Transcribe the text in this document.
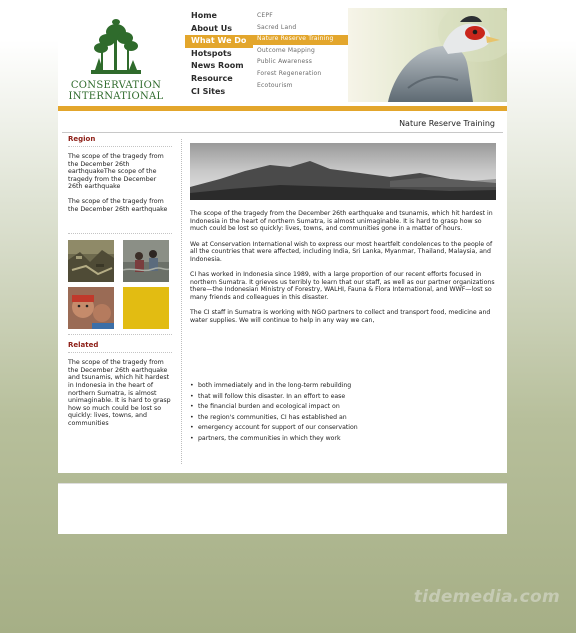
CONSERVATION
INTERNATIONAL
Home
About Us
What We Do
Hotspots
News Room
Resource
CI Sites
CEPF
Sacred Land
Nature Reserve Training
Outcome Mapping
Public Awareness
Forest Regeneration
Ecotourism
Nature Reserve Training
Region

The scope of the tragedy from the December 26th earthquakeThe scope of the tragedy from the December 26th earthquake

The scope of the tragedy from the December 26th earthquake

Related
The scope of the tragedy from the December 26th earthquake and tsunamis, which hit hardest in Indonesia in the heart of northern Sumatra, is almost unimaginable. It is hard to grasp how so much could be lost so quickly: lives, towns, and communities

The scope of the tragedy from the December 26th earthquake and tsunamis, which hit hardest in Indonesia in the heart of northern Sumatra, is almost unimaginable. It is hard to grasp how so much could be lost so quickly: lives, towns, and communities gone in a matter of hours.

We at Conservation International wish to express our most heartfelt condolences to the people of all the countries that were affected, including India, Sri Lanka, Myanmar, Thailand, Malaysia, and Indonesia.

CI has worked in Indonesia since 1989, with a large proportion of our recent efforts focused in northern Sumatra. It grieves us terribly to learn that our staff, as well as our partner organizations there—the Indonesian Ministry of Forestry, WALHI, Fauna & Flora International, and WWF—lost so many friends and colleagues in this disaster.

The CI staff in Sumatra is working with NGO partners to collect and transport food, medicine and water supplies. We will continue to help in any way we can,

• both immediately and in the long-term rebuilding
• that will follow this disaster. In an effort to ease
• the financial burden and ecological impact on
• the region's communities, CI has established an
• emergency account for support of our conservation
• partners, the communities in which they work
tidemedia.com
